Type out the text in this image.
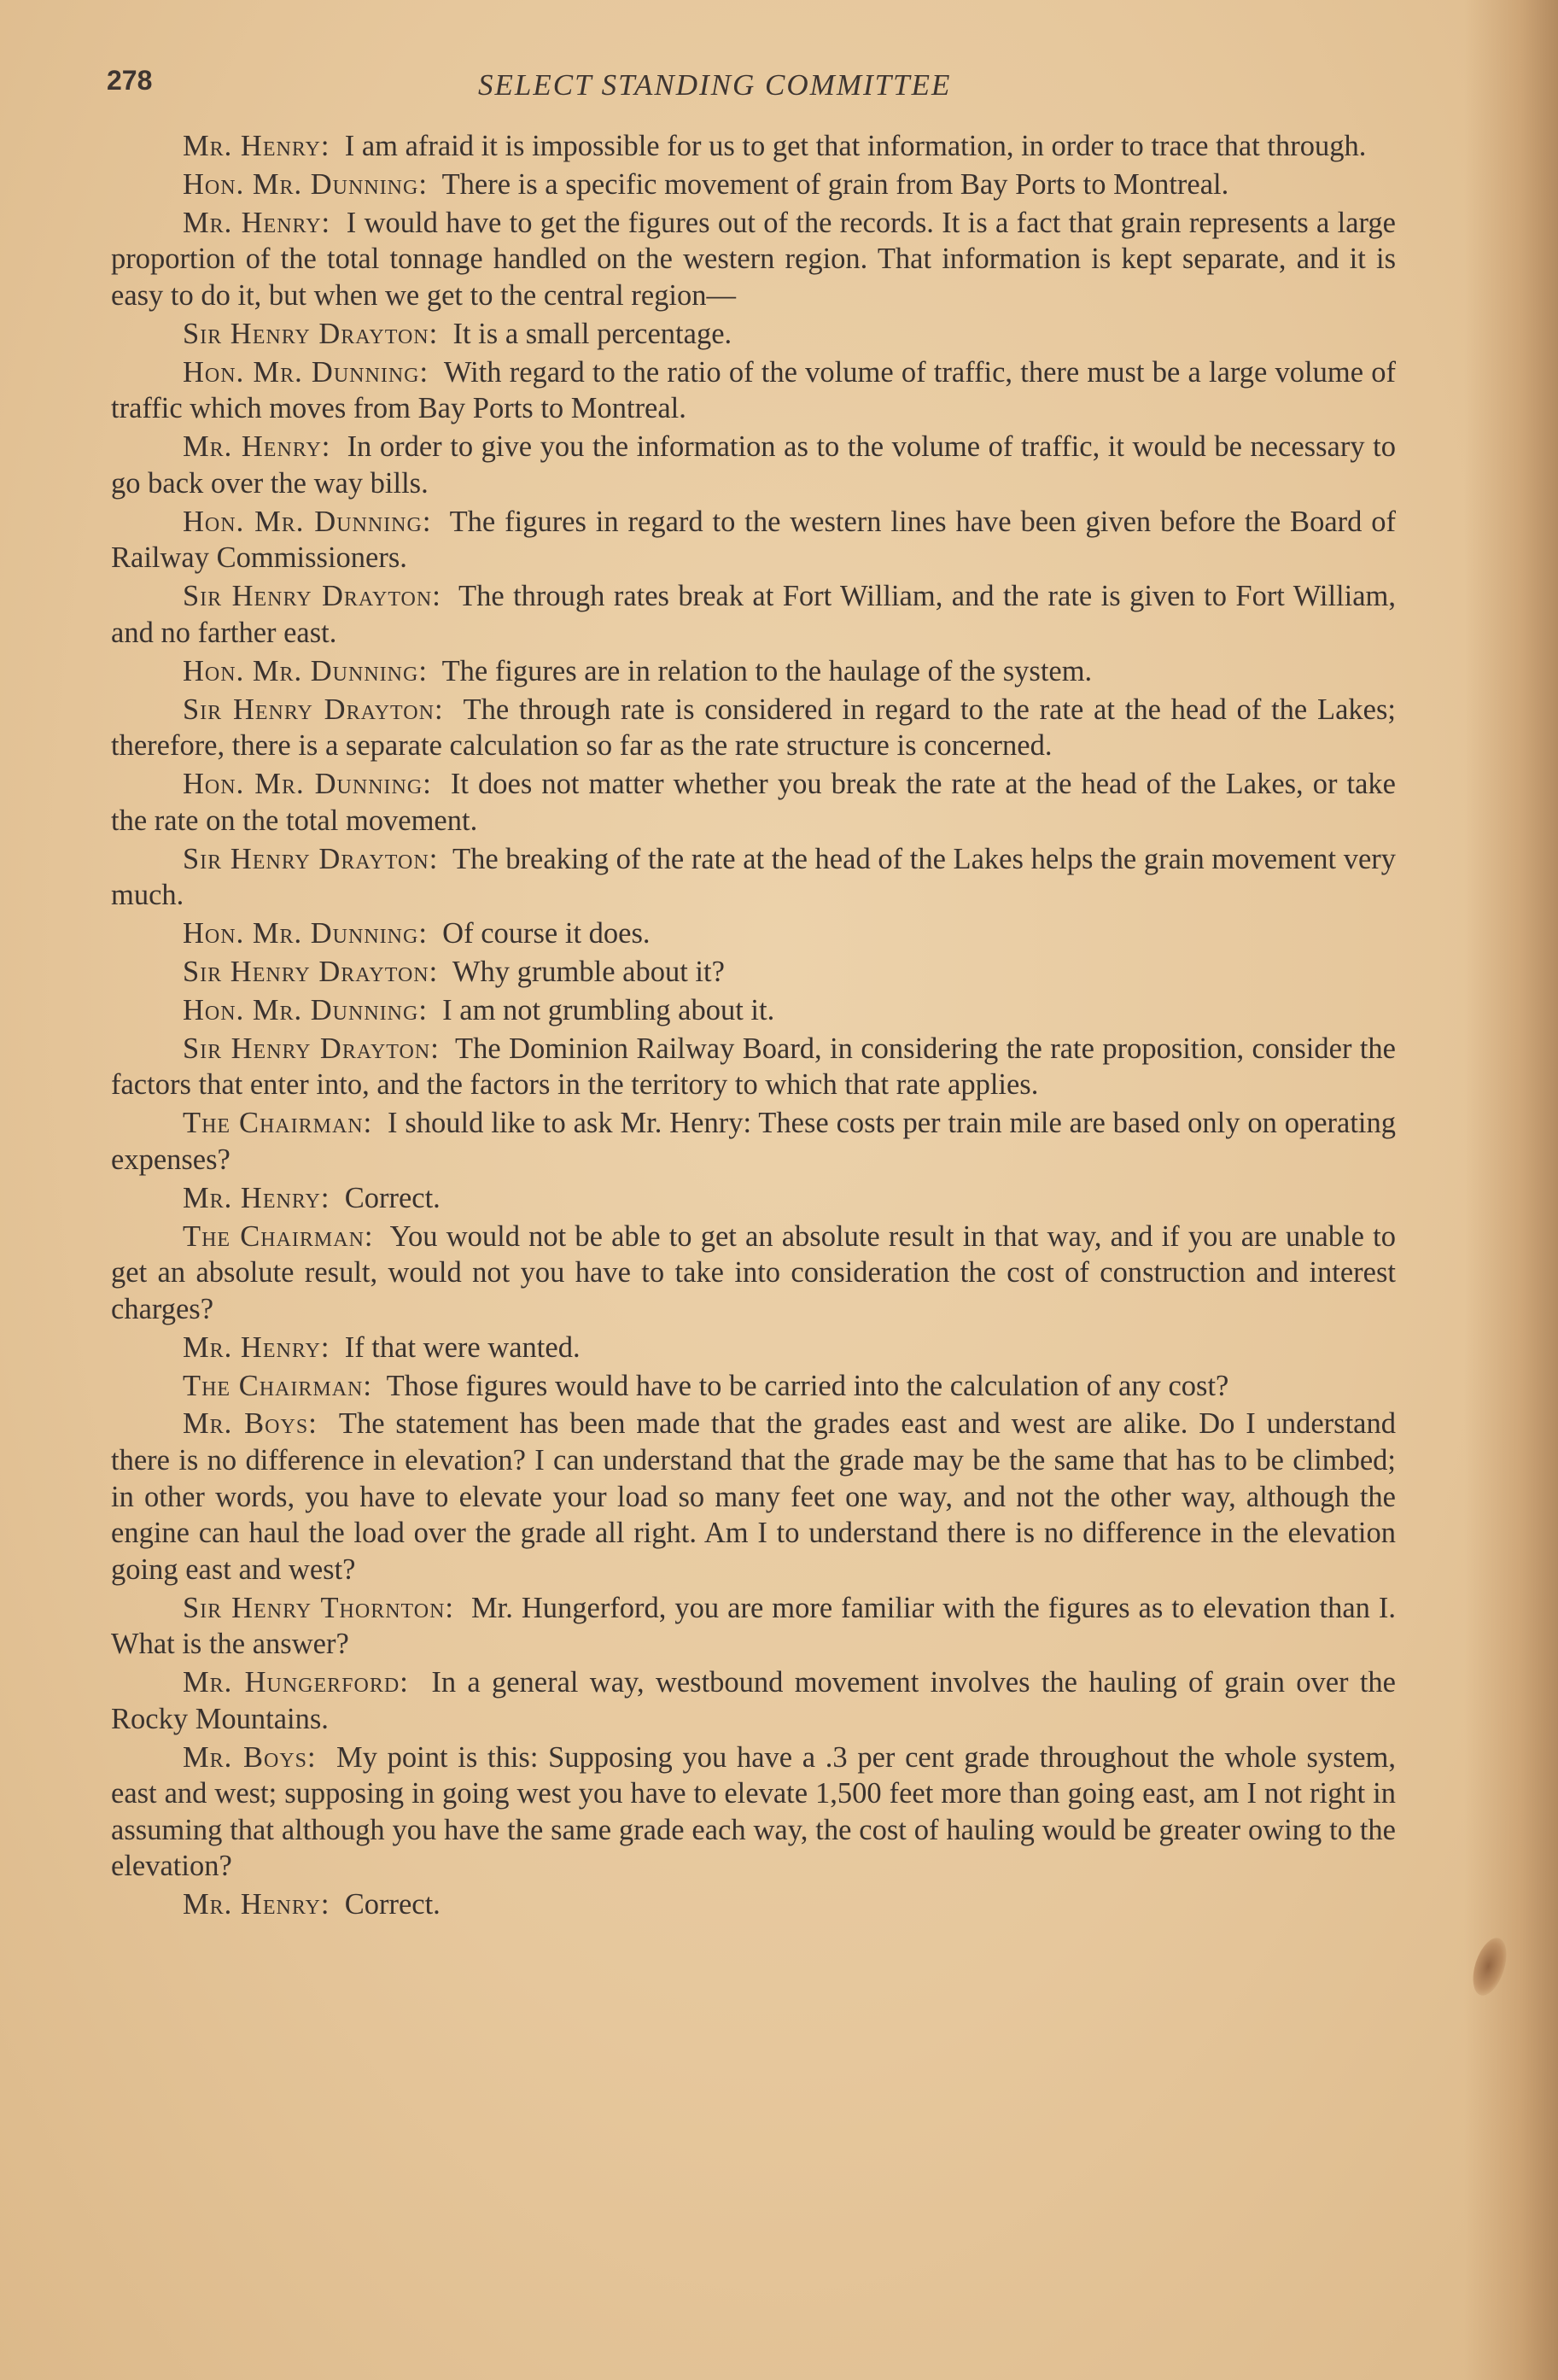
278	SELECT STANDING COMMITTEE

Mr. Henry: I am afraid it is impossible for us to get that information, in order to trace that through.

Hon. Mr. Dunning: There is a specific movement of grain from Bay Ports to Montreal.

Mr. Henry: I would have to get the figures out of the records. It is a fact that grain represents a large proportion of the total tonnage handled on the western region. That information is kept separate, and it is easy to do it, but when we get to the central region—

Sir Henry Drayton: It is a small percentage.

Hon. Mr. Dunning: With regard to the ratio of the volume of traffic, there must be a large volume of traffic which moves from Bay Ports to Montreal.

Mr. Henry: In order to give you the information as to the volume of traffic, it would be necessary to go back over the way bills.

Hon. Mr. Dunning: The figures in regard to the western lines have been given before the Board of Railway Commissioners.

Sir Henry Drayton: The through rates break at Fort William, and the rate is given to Fort William, and no farther east.

Hon. Mr. Dunning: The figures are in relation to the haulage of the system.

Sir Henry Drayton: The through rate is considered in regard to the rate at the head of the Lakes; therefore, there is a separate calculation so far as the rate structure is concerned.

Hon. Mr. Dunning: It does not matter whether you break the rate at the head of the Lakes, or take the rate on the total movement.

Sir Henry Drayton: The breaking of the rate at the head of the Lakes helps the grain movement very much.

Hon. Mr. Dunning: Of course it does.

Sir Henry Drayton: Why grumble about it?

Hon. Mr. Dunning: I am not grumbling about it.

Sir Henry Drayton: The Dominion Railway Board, in considering the rate proposition, consider the factors that enter into, and the factors in the territory to which that rate applies.

The Chairman: I should like to ask Mr. Henry: These costs per train mile are based only on operating expenses?

Mr. Henry: Correct.

The Chairman: You would not be able to get an absolute result in that way, and if you are unable to get an absolute result, would not you have to take into consideration the cost of construction and interest charges?

Mr. Henry: If that were wanted.

The Chairman: Those figures would have to be carried into the calculation of any cost?

Mr. Boys: The statement has been made that the grades east and west are alike. Do I understand there is no difference in elevation? I can understand that the grade may be the same that has to be climbed; in other words, you have to elevate your load so many feet one way, and not the other way, although the engine can haul the load over the grade all right. Am I to understand there is no difference in the elevation going east and west?

Sir Henry Thornton: Mr. Hungerford, you are more familiar with the figures as to elevation than I. What is the answer?

Mr. Hungerford: In a general way, westbound movement involves the hauling of grain over the Rocky Mountains.

Mr. Boys: My point is this: Supposing you have a .3 per cent grade throughout the whole system, east and west; supposing in going west you have to elevate 1,500 feet more than going east, am I not right in assuming that although you have the same grade each way, the cost of hauling would be greater owing to the elevation?

Mr. Henry: Correct.
